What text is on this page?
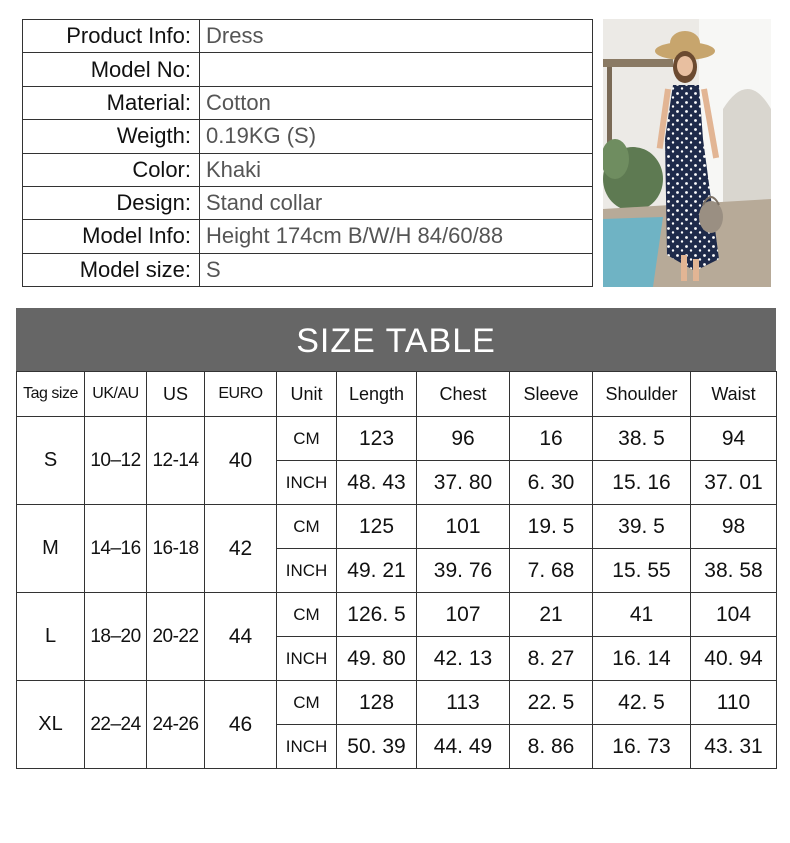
Product Info:	Dress
Model No:	
Material:	Cotton
Weigth:	0.19KG (S)
Color:	Khaki
Design:	Stand collar
Model Info:	Height 174cm B/W/H 84/60/88
Model size:	S
SIZE TABLE
Tag size	UK/AU	US	EURO	Unit	Length	Chest	Sleeve	Shoulder	Waist
S	10–12	12-14	40	CM	123	96	16	38. 5	94
				INCH	48. 43	37. 80	6. 30	15. 16	37. 01
M	14–16	16-18	42	CM	125	101	19. 5	39. 5	98
				INCH	49. 21	39. 76	7. 68	15. 55	38. 58
L	18–20	20-22	44	CM	126. 5	107	21	41	104
				INCH	49. 80	42. 13	8. 27	16. 14	40. 94
XL	22–24	24-26	46	CM	128	113	22. 5	42. 5	110
				INCH	50. 39	44. 49	8. 86	16. 73	43. 31
